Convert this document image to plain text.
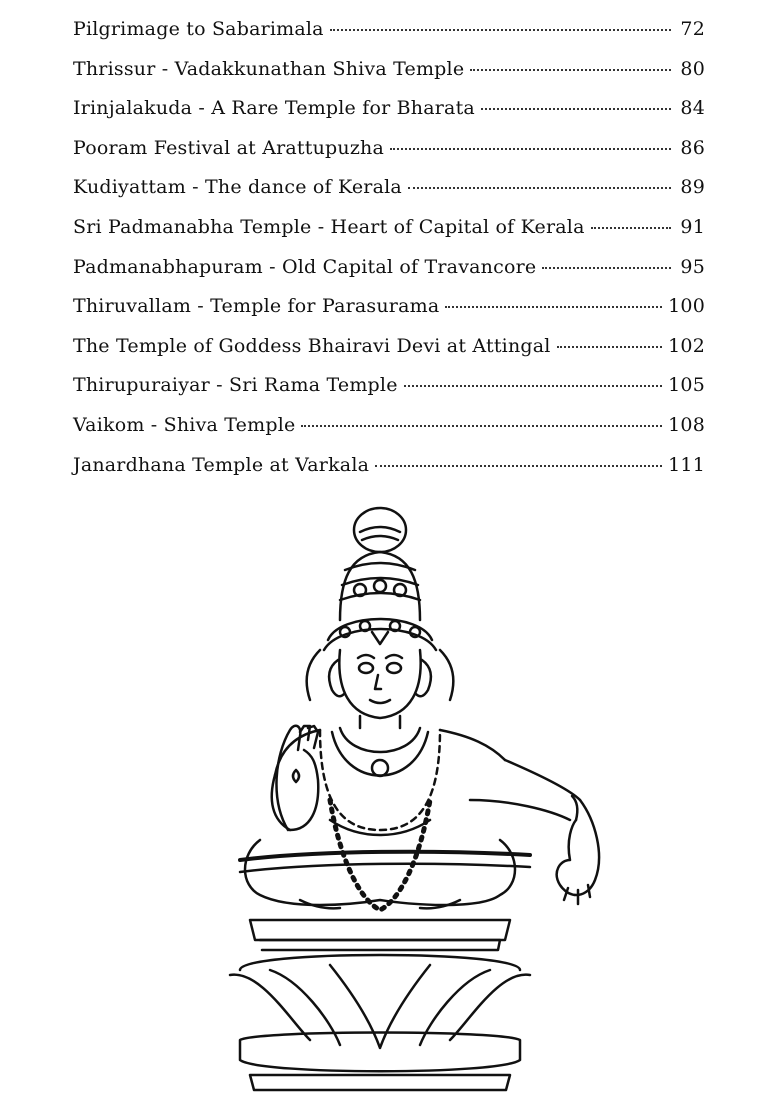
Pilgrimage to Sabarimala	72
Thrissur - Vadakkunathan Shiva Temple	80
Irinjalakuda - A Rare Temple for Bharata	84
Pooram Festival at Arattupuzha	86
Kudiyattam - The dance of Kerala	89
Sri Padmanabha Temple - Heart of Capital of Kerala	91
Padmanabhapuram - Old Capital of Travancore	95
Thiruvallam - Temple for Parasurama	100
The Temple of Goddess Bhairavi Devi at Attingal	102
Thirupuraiyar - Sri Rama Temple	105
Vaikom - Shiva Temple	108
Janardhana Temple at Varkala	111
